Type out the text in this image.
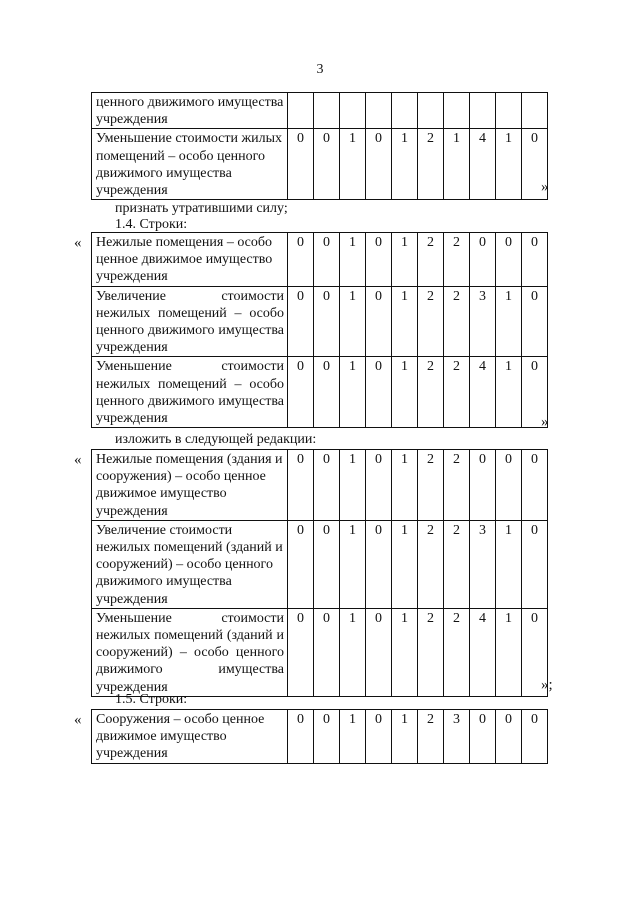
3
ценного движимого имущества учреждения										
Уменьшение стоимости жилых помещений – особо ценного движимого имущества учреждения	0	0	1	0	1	2	1	4	1	0
»
признать утратившими силу;
1.4. Строки:
« Нежилые помещения – особо ценное движимое имущество учреждения	0	0	1	0	1	2	2	0	0	0
Увеличение стоимости нежилых помещений – особо ценного движимого имущества учреждения	0	0	1	0	1	2	2	3	1	0
Уменьшение стоимости нежилых помещений – особо ценного движимого имущества учреждения	0	0	1	0	1	2	2	4	1	0
»
изложить в следующей редакции:
« Нежилые помещения (здания и сооружения) – особо ценное движимое имущество учреждения	0	0	1	0	1	2	2	0	0	0
Увеличение стоимости нежилых помещений (зданий и сооружений) – особо ценного движимого имущества учреждения	0	0	1	0	1	2	2	3	1	0
Уменьшение стоимости нежилых помещений (зданий и сооружений) – особо ценного движимого имущества учреждения	0	0	1	0	1	2	2	4	1	0
»;
1.5. Строки:
« Сооружения – особо ценное движимое имущество учреждения	0	0	1	0	1	2	3	0	0	0
